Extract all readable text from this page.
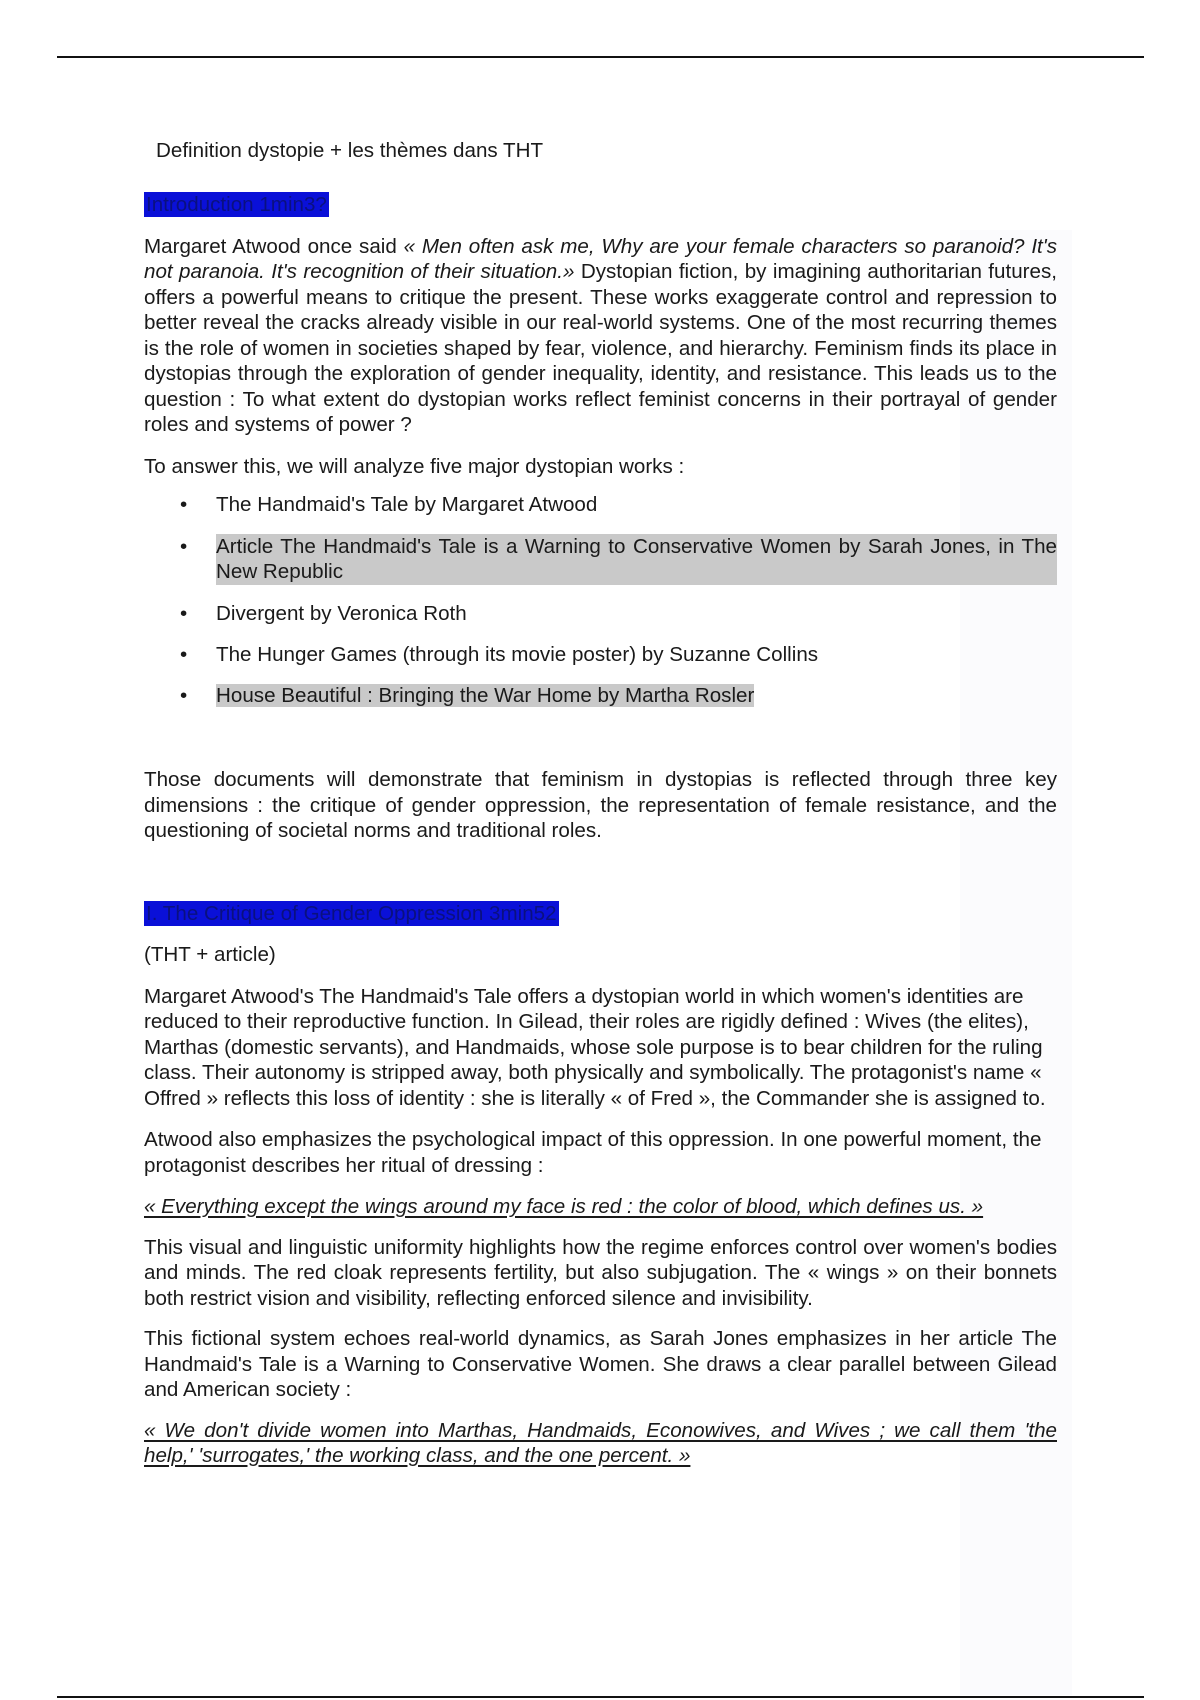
Definition dystopie + les thèmes dans THT

Introduction 1min3?

Margaret Atwood once said « Men often ask me, Why are your female characters so paranoid? It's not paranoia. It's recognition of their situation.» Dystopian fiction, by imagining authoritarian futures, offers a powerful means to critique the present. These works exaggerate control and repression to better reveal the cracks already visible in our real-world systems. One of the most recurring themes is the role of women in societies shaped by fear, violence, and hierarchy. Feminism finds its place in dystopias through the exploration of gender inequality, identity, and resistance. This leads us to the question : To what extent do dystopian works reflect feminist concerns in their portrayal of gender roles and systems of power ?

To answer this, we will analyze five major dystopian works :

• The Handmaid's Tale by Margaret Atwood
• Article The Handmaid's Tale is a Warning to Conservative Women by Sarah Jones, in The New Republic
• Divergent by Veronica Roth
• The Hunger Games (through its movie poster) by Suzanne Collins
• House Beautiful : Bringing the War Home by Martha Rosler

Those documents will demonstrate that feminism in dystopias is reflected through three key dimensions : the critique of gender oppression, the representation of female resistance, and the questioning of societal norms and traditional roles.

I. The Critique of Gender Oppression 3min52

(THT + article)

Margaret Atwood's The Handmaid's Tale offers a dystopian world in which women's identities are reduced to their reproductive function. In Gilead, their roles are rigidly defined : Wives (the elites), Marthas (domestic servants), and Handmaids, whose sole purpose is to bear children for the ruling class. Their autonomy is stripped away, both physically and symbolically. The protagonist's name « Offred » reflects this loss of identity : she is literally « of Fred », the Commander she is assigned to.

Atwood also emphasizes the psychological impact of this oppression. In one powerful moment, the protagonist describes her ritual of dressing :

« Everything except the wings around my face is red : the color of blood, which defines us. »

This visual and linguistic uniformity highlights how the regime enforces control over women's bodies and minds. The red cloak represents fertility, but also subjugation. The « wings » on their bonnets both restrict vision and visibility, reflecting enforced silence and invisibility.

This fictional system echoes real-world dynamics, as Sarah Jones emphasizes in her article The Handmaid's Tale is a Warning to Conservative Women. She draws a clear parallel between Gilead and American society :

« We don't divide women into Marthas, Handmaids, Econowives, and Wives ; we call them 'the help,' 'surrogates,' the working class, and the one percent. »
